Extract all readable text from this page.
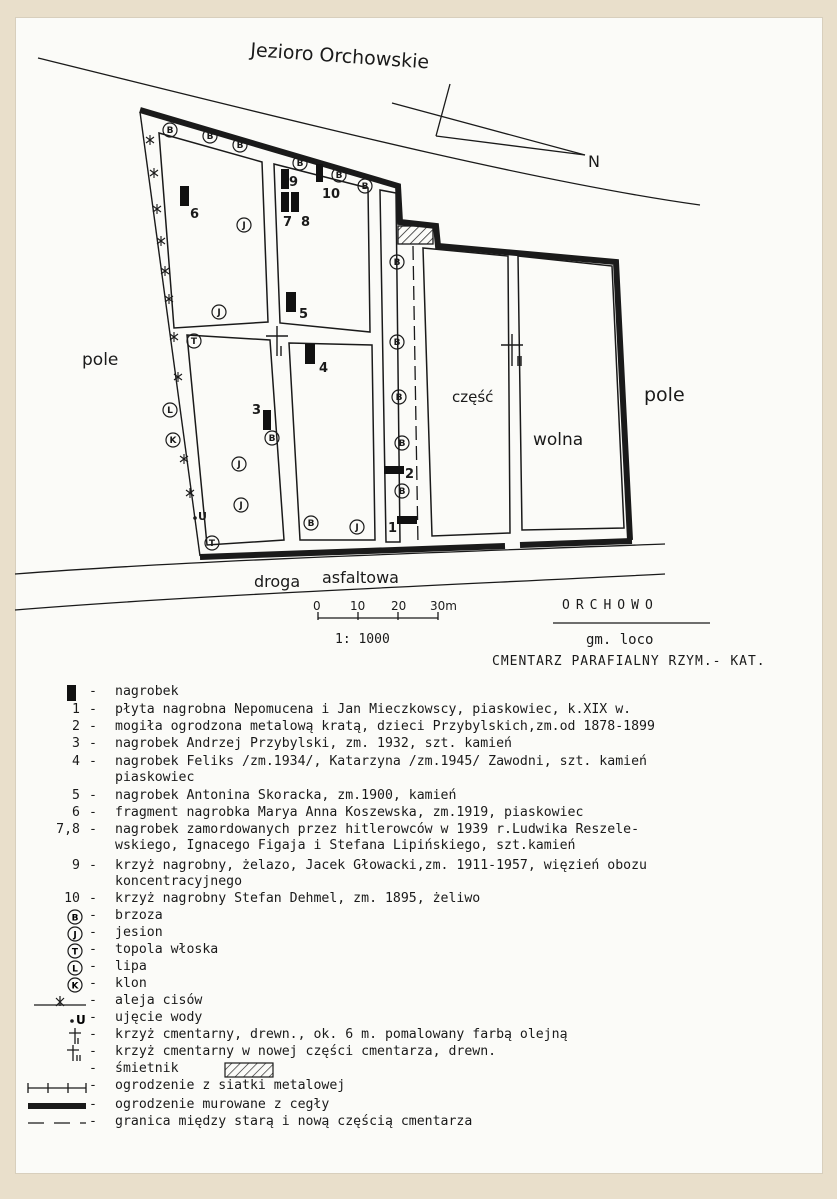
1
2
3
4
5
6
7 8
9
10
B
B
B
B
B
B
B
B
B
B
B
B
B
J
J
J
J
J
T
T
L
K
U
Jezioro Orchowskie
N
pole
pole
część
wolna
droga asfaltowa
0 10 20 30m
1: 1000
ORCHOWO
gm. loco
CMENTARZ PARAFIALNY RZYM.- KAT.
- nagrobek
1 - płyta nagrobna Nepomucena i Jan Mieczkowscy, piaskowiec, k.XIX w.
2 - mogiła ogrodzona metalową kratą, dzieci Przybylskich,zm.od 1878-1899
3 - nagrobek Andrzej Przybylski, zm. 1932, szt. kamień
4 - nagrobek Feliks /zm.1934/, Katarzyna /zm.1945/ Zawodni, szt. kamień
piaskowiec
5 - nagrobek Antonina Skoracka, zm.1900, kamień
6 - fragment nagrobka Marya Anna Koszewska, zm.1919, piaskowiec
7,8 - nagrobek zamordowanych przez hitlerowców w 1939 r.Ludwika Reszele-
wskiego, Ignacego Figaja i Stefana Lipińskiego, szt.kamień
9 - krzyż nagrobny, żelazo, Jacek Głowacki,zm. 1911-1957, więzień obozu
koncentracyjnego
10 - krzyż nagrobny Stefan Dehmel, zm. 1895, żeliwo
B - brzoza
J - jesion
T - topola włoska
L - lipa
K - klon
- aleja cisów
U - ujęcie wody
- krzyż cmentarny, drewn., ok. 6 m. pomalowany farbą olejną
- krzyż cmentarny w nowej części cmentarza, drewn.
- śmietnik
- ogrodzenie z siatki metalowej
- ogrodzenie murowane z cegły
- granica między starą i nową częścią cmentarza
